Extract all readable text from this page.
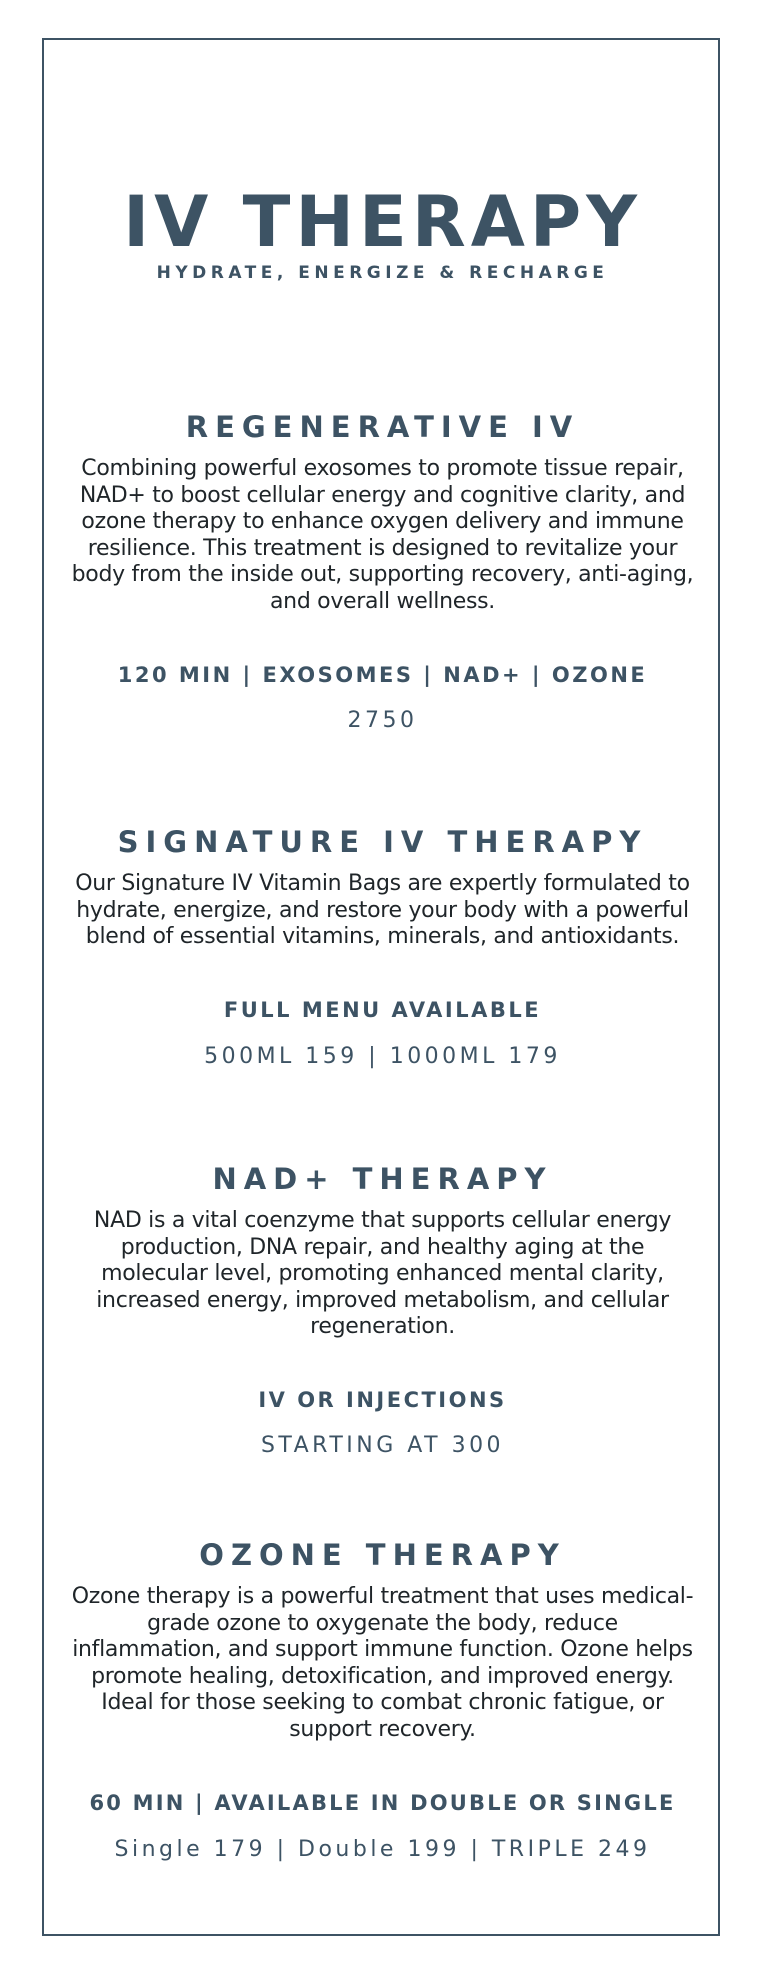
IV THERAPY
HYDRATE, ENERGIZE & RECHARGE
REGENERATIVE IV
Combining powerful exosomes to promote tissue repair, NAD+ to boost cellular energy and cognitive clarity, and ozone therapy to enhance oxygen delivery and immune resilience. This treatment is designed to revitalize your body from the inside out, supporting recovery, anti-aging, and overall wellness.
120 MIN | EXOSOMES | NAD+ | OZONE
2750
SIGNATURE IV THERAPY
Our Signature IV Vitamin Bags are expertly formulated to hydrate, energize, and restore your body with a powerful blend of essential vitamins, minerals, and antioxidants.
FULL MENU AVAILABLE
500ML 159 | 1000ML 179
NAD+ THERAPY
NAD is a vital coenzyme that supports cellular energy production, DNA repair, and healthy aging at the molecular level, promoting enhanced mental clarity, increased energy, improved metabolism, and cellular regeneration.
IV OR INJECTIONS
STARTING AT 300
OZONE THERAPY
Ozone therapy is a powerful treatment that uses medical-grade ozone to oxygenate the body, reduce inflammation, and support immune function. Ozone helps promote healing, detoxification, and improved energy. Ideal for those seeking to combat chronic fatigue, or support recovery.
60 MIN | AVAILABLE IN DOUBLE OR SINGLE
Single 179 | Double 199 | TRIPLE 249
